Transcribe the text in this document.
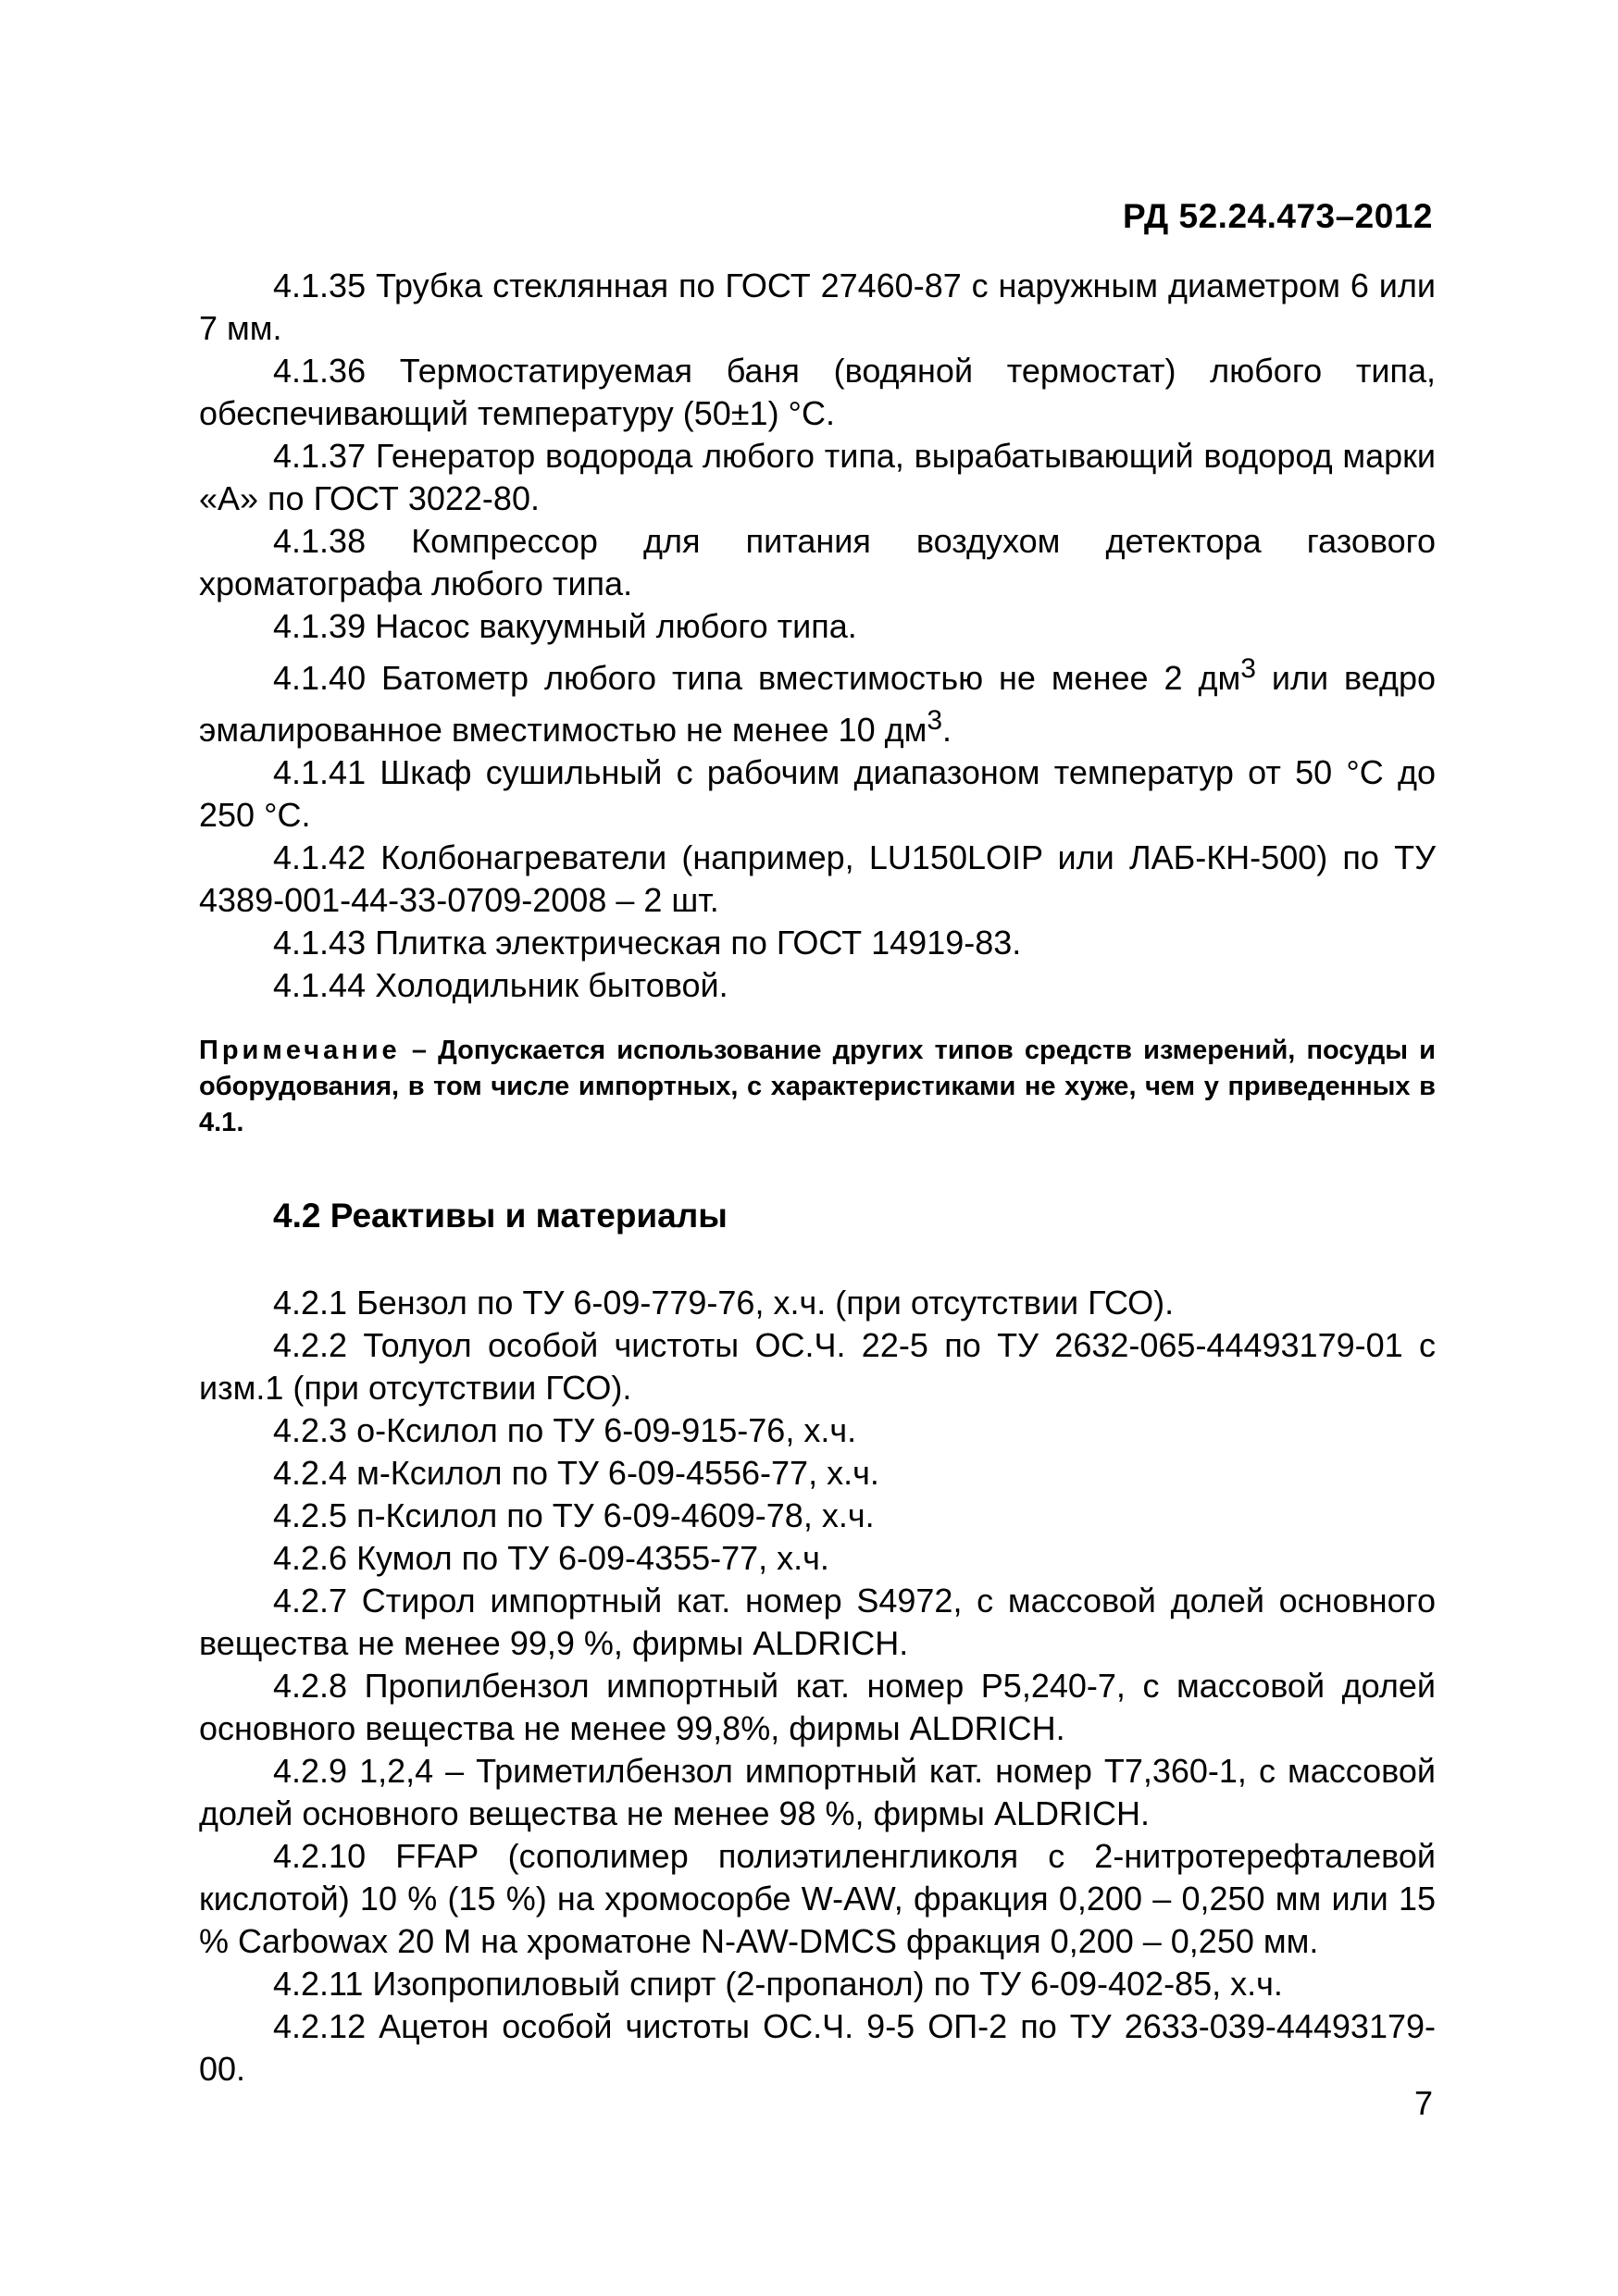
РД 52.24.473–2012

4.1.35 Трубка стеклянная по ГОСТ 27460-87 с наружным диаметром 6 или 7 мм.

4.1.36 Термостатируемая баня (водяной термостат) любого типа, обеспечивающий температуру (50±1) °С.

4.1.37 Генератор водорода любого типа, вырабатывающий водород марки «А» по ГОСТ 3022-80.

4.1.38 Компрессор для питания воздухом детектора газового хроматографа любого типа.

4.1.39 Насос вакуумный любого типа.

4.1.40 Батометр любого типа вместимостью не менее 2 $дм^3$ или ведро эмалированное вместимостью не менее 10 $дм^3$.

4.1.41 Шкаф сушильный с рабочим диапазоном температур от 50 °С до 250 °С.

4.1.42 Колбонагреватели (например, LU150LOIP или ЛАБ-КН-500) по ТУ 4389-001-44-33-0709-2008 – 2 шт.

4.1.43 Плитка электрическая по ГОСТ 14919-83.

4.1.44 Холодильник бытовой.

Примечание – Допускается использование других типов средств измерений, посуды и оборудования, в том числе импортных, с характеристиками не хуже, чем у приведенных в 4.1.

4.2 Реактивы и материалы

4.2.1 Бензол по ТУ 6-09-779-76, х.ч. (при отсутствии ГСО).

4.2.2 Толуол особой чистоты ОС.Ч. 22-5 по ТУ 2632-065-44493179-01 с изм.1 (при отсутствии ГСО).

4.2.3 о-Ксилол по ТУ 6-09-915-76, х.ч.

4.2.4 м-Ксилол по ТУ 6-09-4556-77, х.ч.

4.2.5 п-Ксилол по ТУ 6-09-4609-78, х.ч.

4.2.6 Кумол по ТУ 6-09-4355-77, х.ч.

4.2.7 Стирол импортный кат. номер S4972, с массовой долей основного вещества не менее 99,9 %, фирмы ALDRICH.

4.2.8 Пропилбензол импортный кат. номер P5,240-7, с массовой долей основного вещества не менее 99,8%, фирмы ALDRICH.

4.2.9 1,2,4 – Триметилбензол импортный кат. номер T7,360-1, с массовой долей основного вещества не менее 98 %, фирмы ALDRICH.

4.2.10 FFAP (сополимер полиэтиленгликоля с 2-нитротерефталевой кислотой) 10 % (15 %) на хромосорбе W-AW, фракция 0,200 – 0,250 мм или 15 % Carbowax 20 M на хроматоне N-AW-DMCS фракция 0,200 – 0,250 мм.

4.2.11 Изопропиловый спирт (2-пропанол) по ТУ 6-09-402-85, х.ч.

4.2.12 Ацетон особой чистоты ОС.Ч. 9-5 ОП-2 по ТУ 2633-039-44493179-00.

7
